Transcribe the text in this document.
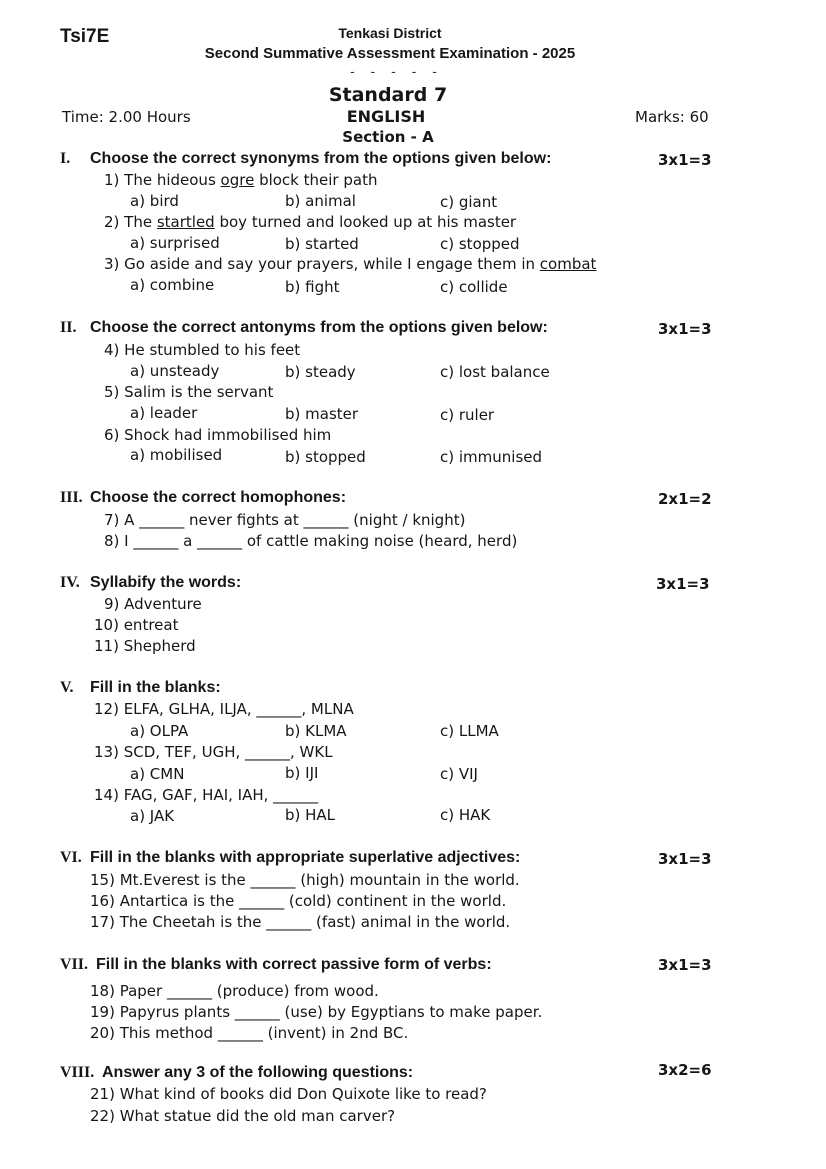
Tsi7E	Tenkasi District
Second Summative Assessment Examination - 2025
- - - - -
Standard 7
Time: 2.00 Hours	ENGLISH	Marks: 60
Section - A
I. Choose the correct synonyms from the options given below:	3x1=3
1) The hideous ogre block their path
a) bird	b) animal	c) giant
2) The startled boy turned and looked up at his master
a) surprised	b) started	c) stopped
3) Go aside and say your prayers, while I engage them in combat
a) combine	b) fight	c) collide
II. Choose the correct antonyms from the options given below:	3x1=3
4) He stumbled to his feet
a) unsteady	b) steady	c) lost balance
5) Salim is the servant
a) leader	b) master	c) ruler
6) Shock had immobilised him
a) mobilised	b) stopped	c) immunised
III. Choose the correct homophones:	2x1=2
7) A ______ never fights at ______ (night / knight)
8) I ______ a ______ of cattle making noise (heard, herd)
IV. Syllabify the words:	3x1=3
9) Adventure
10) entreat
11) Shepherd
V. Fill in the blanks:
12) ELFA, GLHA, ILJA, ______, MLNA
a) OLPA	b) KLMA	c) LLMA
13) SCD, TEF, UGH, ______, WKL
a) CMN	b) IJI	c) VIJ
14) FAG, GAF, HAI, IAH, ______
a) JAK	b) HAL	c) HAK
VI. Fill in the blanks with appropriate superlative adjectives:	3x1=3
15) Mt.Everest is the ______ (high) mountain in the world.
16) Antartica is the ______ (cold) continent in the world.
17) The Cheetah is the ______ (fast) animal in the world.
VII. Fill in the blanks with correct passive form of verbs:	3x1=3
18) Paper ______ (produce) from wood.
19) Papyrus plants ______ (use) by Egyptians to make paper.
20) This method ______ (invent) in 2nd BC.
VIII. Answer any 3 of the following questions:	3x2=6
21) What kind of books did Don Quixote like to read?
22) What statue did the old man carver?
